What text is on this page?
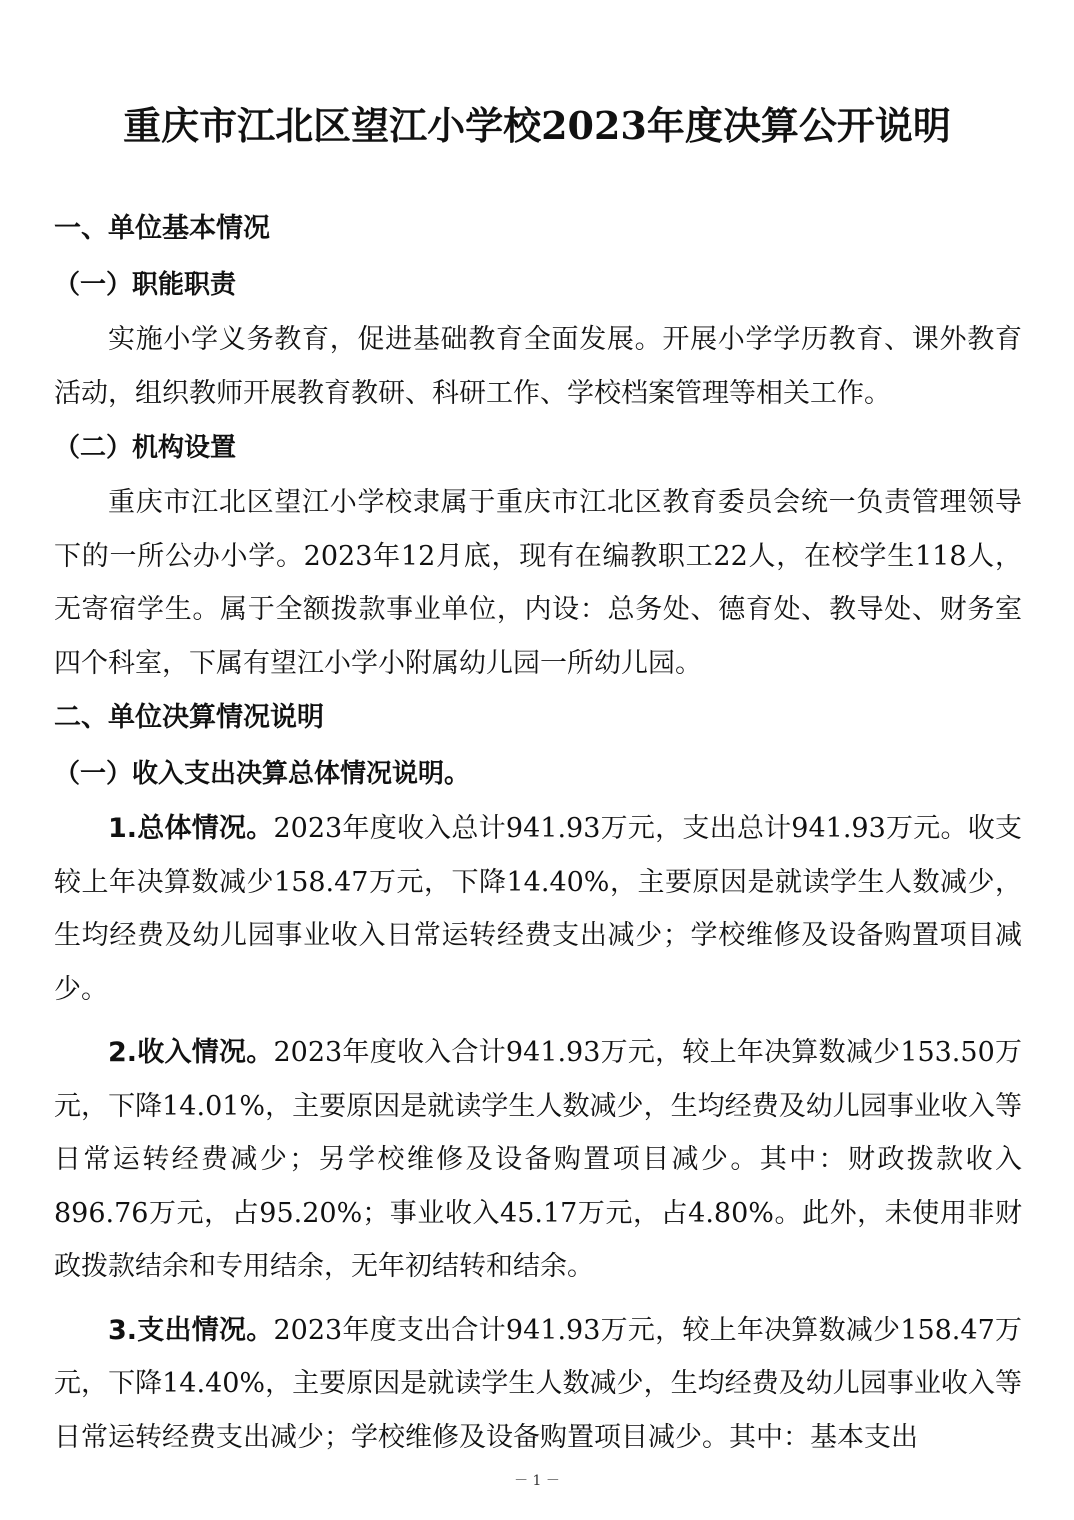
重庆市江北区望江小学校2023年度决算公开说明
一、单位基本情况
（一）职能职责

实施小学义务教育，促进基础教育全面发展。开展小学学历教育、课外教育活动，组织教师开展教育教研、科研工作、学校档案管理等相关工作。

（二）机构设置

重庆市江北区望江小学校隶属于重庆市江北区教育委员会统一负责管理领导下的一所公办小学。2023年12月底，现有在编教职工22人，在校学生118人，无寄宿学生。属于全额拨款事业单位，内设：总务处、德育处、教导处、财务室四个科室，下属有望江小学小附属幼儿园一所幼儿园。

二、单位决算情况说明
（一）收入支出决算总体情况说明。

1.总体情况。2023年度收入总计941.93万元，支出总计941.93万元。收支较上年决算数减少158.47万元，下降14.40%，主要原因是就读学生人数减少，生均经费及幼儿园事业收入日常运转经费支出减少；学校维修及设备购置项目减少。

2.收入情况。2023年度收入合计941.93万元，较上年决算数减少153.50万元，下降14.01%，主要原因是就读学生人数减少，生均经费及幼儿园事业收入等日常运转经费减少；另学校维修及设备购置项目减少。其中：财政拨款收入896.76万元，占95.20%；事业收入45.17万元，占4.80%。此外，未使用非财政拨款结余和专用结余，无年初结转和结余。

3.支出情况。2023年度支出合计941.93万元，较上年决算数减少158.47万元，下降14.40%，主要原因是就读学生人数减少，生均经费及幼儿园事业收入等日常运转经费支出减少；学校维修及设备购置项目减少。其中：基本支出

－ 1 －
